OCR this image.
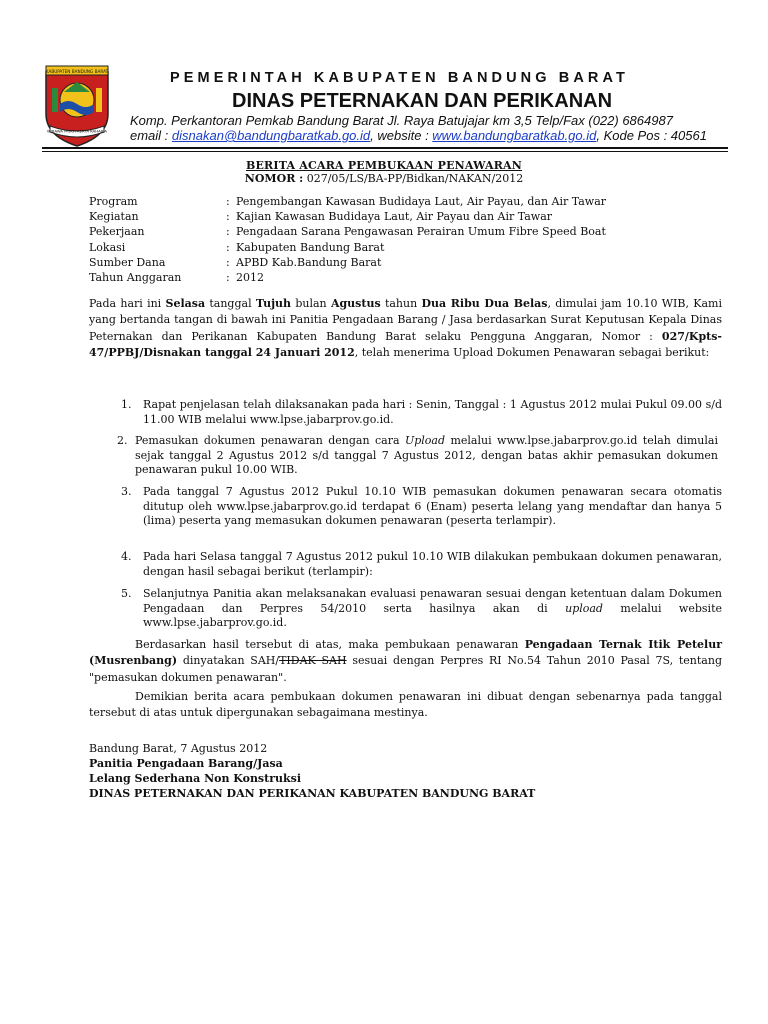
KABUPATEN BANDUNG BARAT
WIBAWA MUKTI KERTA RAHARJA
PEMERINTAH KABUPATEN BANDUNG BARAT
DINAS PETERNAKAN DAN PERIKANAN
Komp. Perkantoran Pemkab Bandung Barat Jl. Raya Batujajar km 3,5 Telp/Fax (022) 6864987
email : disnakan@bandungbaratkab.go.id, website : www.bandungbaratkab.go.id, Kode Pos : 40561
BERITA ACARA PEMBUKAAN PENAWARAN
NOMOR : 027/05/LS/BA-PP/Bidkan/NAKAN/2012
Program	: Pengembangan Kawasan Budidaya Laut, Air Payau, dan Air Tawar
Kegiatan	: Kajian Kawasan Budidaya Laut, Air Payau dan Air Tawar
Pekerjaan	: Pengadaan Sarana Pengawasan Perairan Umum Fibre Speed Boat
Lokasi	: Kabupaten Bandung Barat
Sumber Dana	: APBD Kab.Bandung Barat
Tahun Anggaran	: 2012
Pada hari ini Selasa tanggal Tujuh bulan Agustus tahun Dua Ribu Dua Belas, dimulai jam 10.10 WIB, Kami yang bertanda tangan di bawah ini Panitia Pengadaan Barang / Jasa berdasarkan Surat Keputusan Kepala Dinas Peternakan dan Perikanan Kabupaten Bandung Barat selaku Pengguna Anggaran, Nomor : 027/Kpts-47/PPBJ/Disnakan tanggal 24 Januari 2012, telah menerima Upload Dokumen Penawaran sebagai berikut:
1. Rapat penjelasan telah dilaksanakan pada hari : Senin, Tanggal : 1 Agustus 2012 mulai Pukul 09.00 s/d 11.00 WIB melalui www.lpse.jabarprov.go.id.
2. Pemasukan dokumen penawaran dengan cara Upload melalui www.lpse.jabarprov.go.id telah dimulai sejak tanggal 2 Agustus 2012 s/d tanggal 7 Agustus 2012, dengan batas akhir pemasukan dokumen penawaran pukul 10.00 WIB.
3. Pada tanggal 7 Agustus 2012 Pukul 10.10 WIB pemasukan dokumen penawaran secara otomatis ditutup oleh www.lpse.jabarprov.go.id terdapat 6 (Enam) peserta lelang yang mendaftar dan hanya 5 (lima) peserta yang memasukan dokumen penawaran (peserta terlampir).
4. Pada hari Selasa tanggal 7 Agustus 2012 pukul 10.10 WIB dilakukan pembukaan dokumen penawaran, dengan hasil sebagai berikut (terlampir):
5. Selanjutnya Panitia akan melaksanakan evaluasi penawaran sesuai dengan ketentuan dalam Dokumen Pengadaan dan Perpres 54/2010 serta hasilnya akan di upload melalui website www.lpse.jabarprov.go.id.
Berdasarkan hasil tersebut di atas, maka pembukaan penawaran Pengadaan Ternak Itik Petelur (Musrenbang) dinyatakan SAH/TIDAK SAH sesuai dengan Perpres RI No.54 Tahun 2010 Pasal 7S, tentang "pemasukan dokumen penawaran".
Demikian berita acara pembukaan dokumen penawaran ini dibuat dengan sebenarnya pada tanggal tersebut di atas untuk dipergunakan sebagaimana mestinya.
Bandung Barat, 7 Agustus 2012
Panitia Pengadaan Barang/Jasa
Lelang Sederhana Non Konstruksi
DINAS PETERNAKAN DAN PERIKANAN KABUPATEN BANDUNG BARAT
